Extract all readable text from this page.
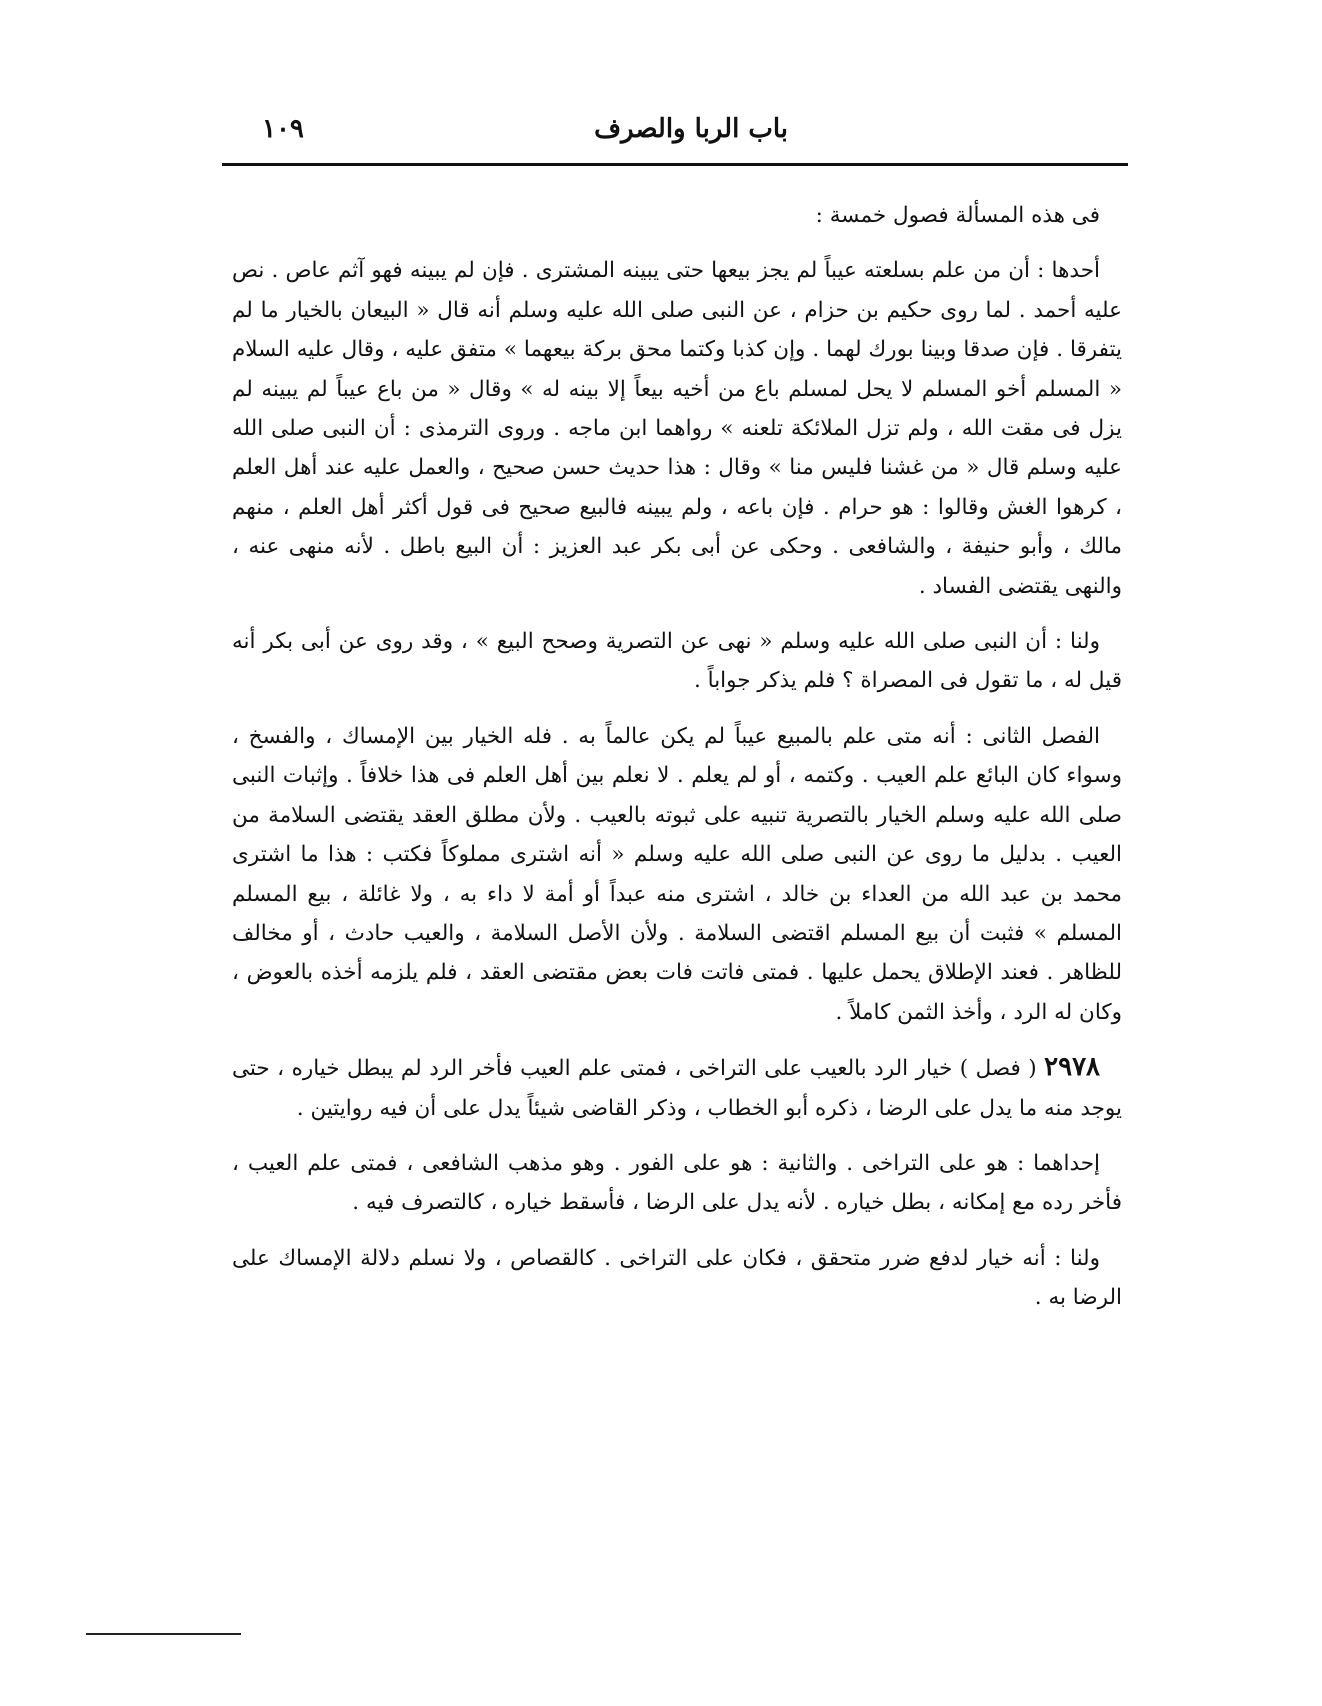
باب الربا والصرف
١٠٩

فى هذه المسألة فصول خمسة :

أحدها : أن من علم بسلعته عيباً لم يجز بيعها حتى يبينه المشترى . فإن لم يبينه فهو آثم عاص . نص عليه أحمد . لما روى حكيم بن حزام ، عن النبى صلى الله عليه وسلم أنه قال « البيعان بالخيار ما لم يتفرقا . فإن صدقا وبينا بورك لهما . وإن كذبا وكتما محق بركة بيعهما » متفق عليه ، وقال عليه السلام « المسلم أخو المسلم لا يحل لمسلم باع من أخيه بيعاً إلا بينه له » وقال « من باع عيباً لم يبينه لم يزل فى مقت الله ، ولم تزل الملائكة تلعنه » رواهما ابن ماجه . وروى الترمذى : أن النبى صلى الله عليه وسلم قال « من غشنا فليس منا » وقال : هذا حديث حسن صحيح ، والعمل عليه عند أهل العلم ، كرهوا الغش وقالوا : هو حرام . فإن باعه ، ولم يبينه فالبيع صحيح فى قول أكثر أهل العلم ، منهم مالك ، وأبو حنيفة ، والشافعى . وحكى عن أبى بكر عبد العزيز : أن البيع باطل . لأنه منهى عنه ، والنهى يقتضى الفساد .

ولنا : أن النبى صلى الله عليه وسلم « نهى عن التصرية وصحح البيع » ، وقد روى عن أبى بكر أنه قيل له ، ما تقول فى المصراة ؟ فلم يذكر جواباً .

الفصل الثانى : أنه متى علم بالمبيع عيباً لم يكن عالماً به . فله الخيار بين الإمساك ، والفسخ ، وسواء كان البائع علم العيب . وكتمه ، أو لم يعلم . لا نعلم بين أهل العلم فى هذا خلافاً . وإثبات النبى صلى الله عليه وسلم الخيار بالتصرية تنبيه على ثبوته بالعيب . ولأن مطلق العقد يقتضى السلامة من العيب . بدليل ما روى عن النبى صلى الله عليه وسلم « أنه اشترى مملوكاً فكتب : هذا ما اشترى محمد بن عبد الله من العداء بن خالد ، اشترى منه عبداً أو أمة لا داء به ، ولا غائلة ، بيع المسلم المسلم » فثبت أن بيع المسلم اقتضى السلامة . ولأن الأصل السلامة ، والعيب حادث ، أو مخالف للظاهر . فعند الإطلاق يحمل عليها . فمتى فاتت فات بعض مقتضى العقد ، فلم يلزمه أخذه بالعوض ، وكان له الرد ، وأخذ الثمن كاملاً .

٢٩٧٨ ( فصل ) خيار الرد بالعيب على التراخى ، فمتى علم العيب فأخر الرد لم يبطل خياره ، حتى يوجد منه ما يدل على الرضا ، ذكره أبو الخطاب ، وذكر القاضى شيئاً يدل على أن فيه روايتين .

إحداهما : هو على التراخى . والثانية : هو على الفور . وهو مذهب الشافعى ، فمتى علم العيب ، فأخر رده مع إمكانه ، بطل خياره . لأنه يدل على الرضا ، فأسقط خياره ، كالتصرف فيه .

ولنا : أنه خيار لدفع ضرر متحقق ، فكان على التراخى . كالقصاص ، ولا نسلم دلالة الإمساك على الرضا به .
